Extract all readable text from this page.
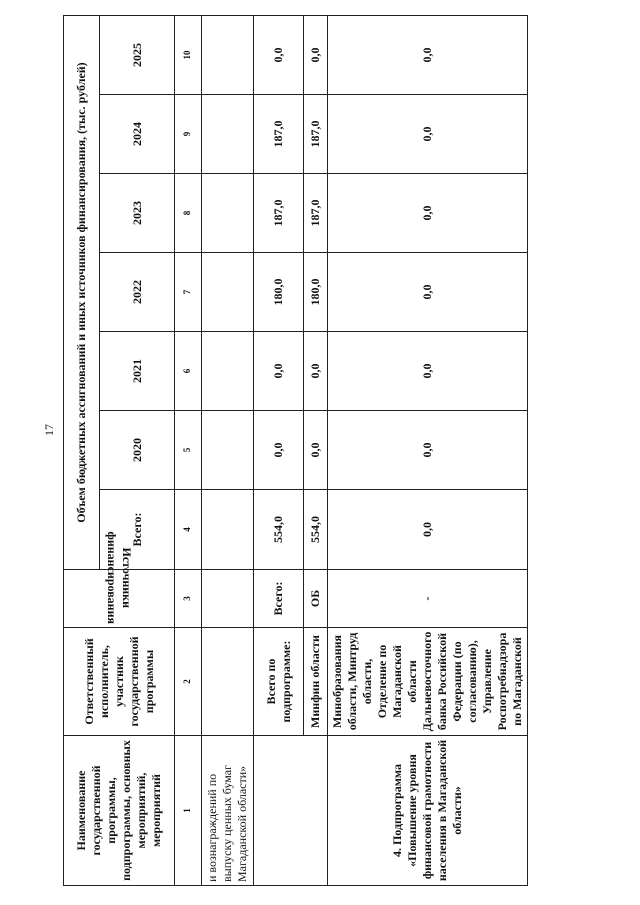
17
Наименование государственной программы, подпрограммы, основных мероприятий, мероприятий	Ответственный исполнитель, участник государственной программы	Источники финансирования	Объем бюджетных ассигнований и иных источников финансирования, (тыс. рублей)						
			Всего:	2020	2021	2022	2023	2024	2025
1	2	3	4	5	6	7	8	9	10
и вознаграждений по выпуску ценных бумаг Магаданской области»									
	Всего по подпрограмме:	Всего:	554,0	0,0	0,0	180,0	187,0	187,0	0,0
	Минфин области	ОБ	554,0	0,0	0,0	180,0	187,0	187,0	0,0
4. Подпрограмма «Повышение уровня финансовой грамотности населения в Магаданской области»	Минобразования области, Минтруд области, Отделение по Магаданской области Дальневосточного банка Российской Федерации (по согласованию), Управление Роспотребнадзора по Магаданской	-	0,0	0,0	0,0	0,0	0,0	0,0	0,0
